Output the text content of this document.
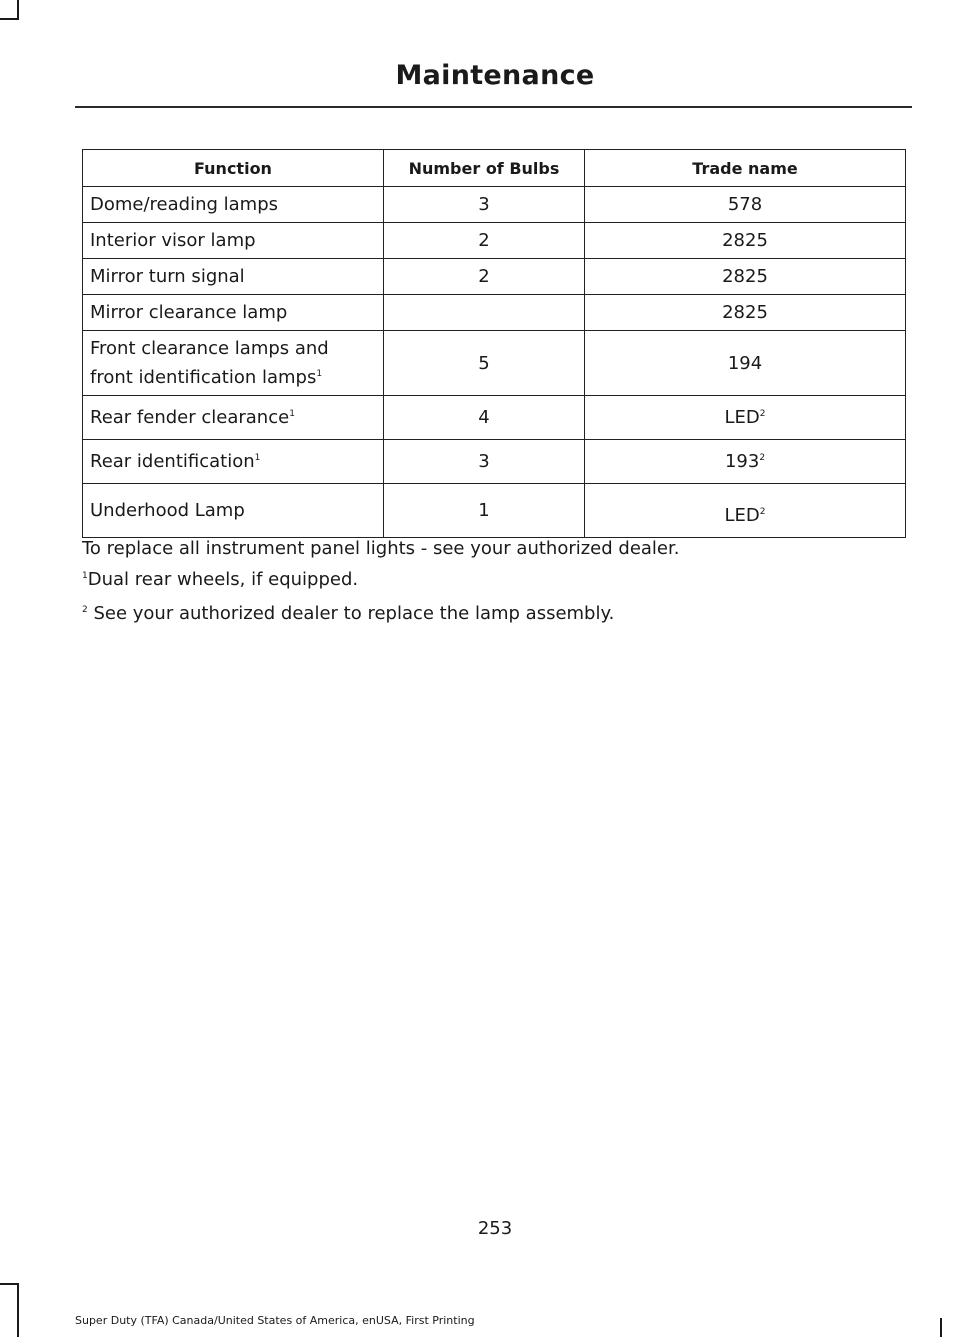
Maintenance
Function	Number of Bulbs	Trade name
Dome/reading lamps	3	578
Interior visor lamp	2	2825
Mirror turn signal	2	2825
Mirror clearance lamp		2825

Front clearance lamps and
front identification lamps$^1$	5	194
Rear fender clearance$^1$	4	LED$^2$
Rear identification$^1$	3	$193^2$
Underhood Lamp	1	LED$^2$
To replace all instrument panel lights - see your authorized dealer.
$^1$Dual rear wheels, if equipped.
$^2$ See your authorized dealer to replace the lamp assembly.
253
Super Duty (TFA) Canada/United States of America, enUSA, First Printing
